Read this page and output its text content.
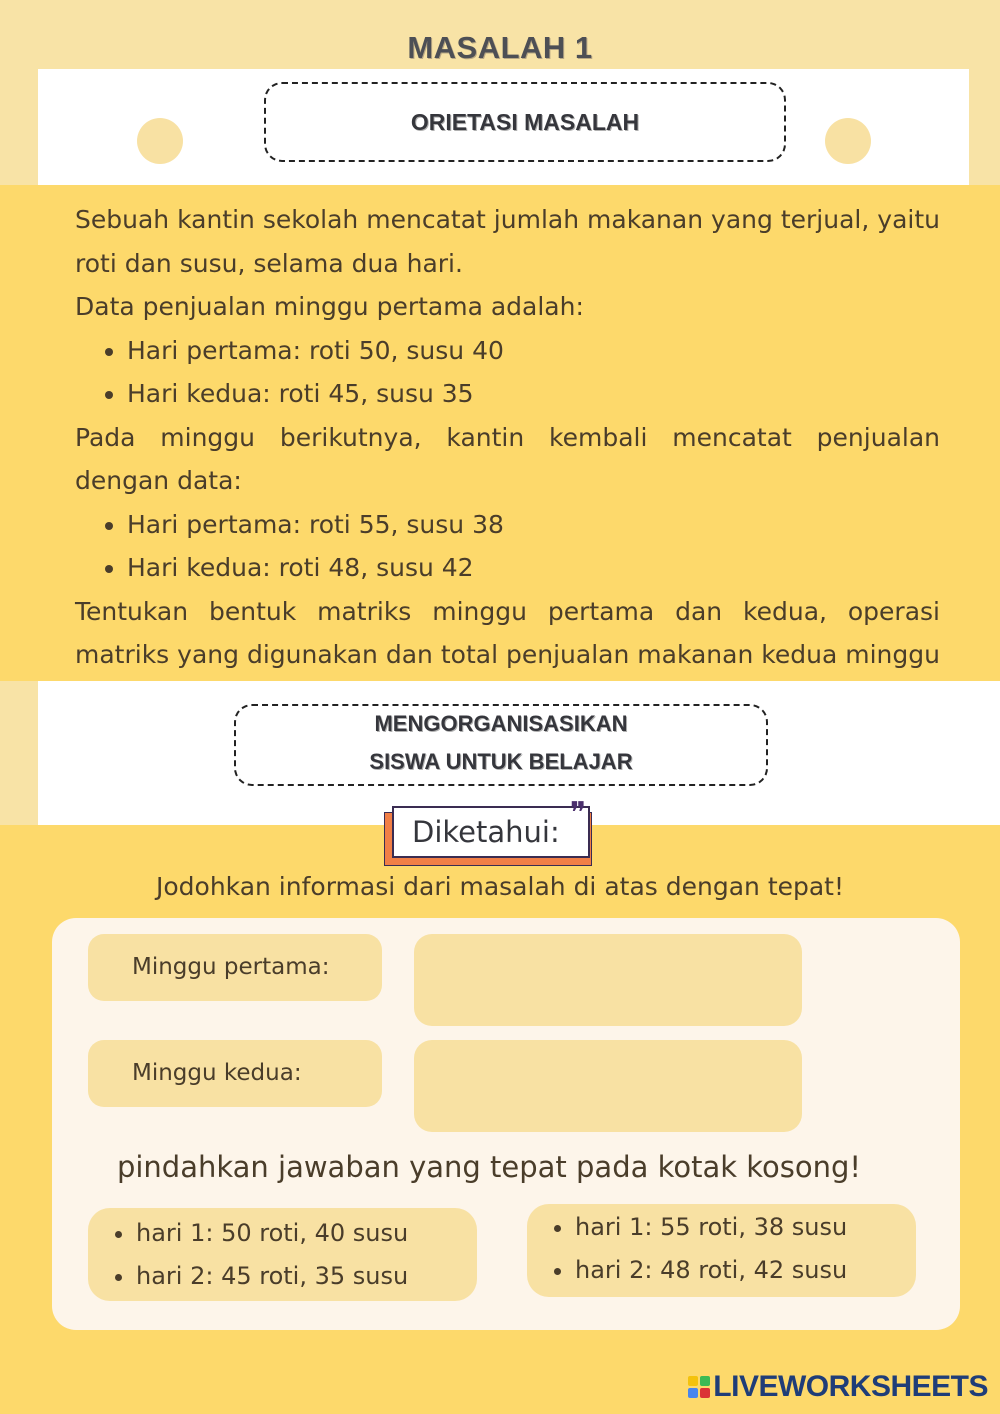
MASALAH 1
ORIETASI MASALAH

Sebuah kantin sekolah mencatat jumlah makanan yang terjual, yaitu roti dan susu, selama dua hari.

Data penjualan minggu pertama adalah:

• Hari pertama: roti 50, susu 40
• Hari kedua: roti 45, susu 35

Pada minggu berikutnya, kantin kembali mencatat penjualan dengan data:

• Hari pertama: roti 55, susu 38
• Hari kedua: roti 48, susu 42

Tentukan bentuk matriks minggu pertama dan kedua, operasi matriks yang digunakan dan total penjualan makanan kedua minggu

MENGORGANISASIKAN
SISWA UNTUK BELAJAR
Diketahui:
❞
Jodohkan informasi dari masalah di atas dengan tepat!
Minggu pertama:
Minggu kedua:
pindahkan jawaban yang tepat pada kotak kosong!
• hari 1: 50 roti, 40 susu
• hari 2: 45 roti, 35 susu
• hari 1: 55 roti, 38 susu
• hari 2: 48 roti, 42 susu
LIVEWORKSHEETS
